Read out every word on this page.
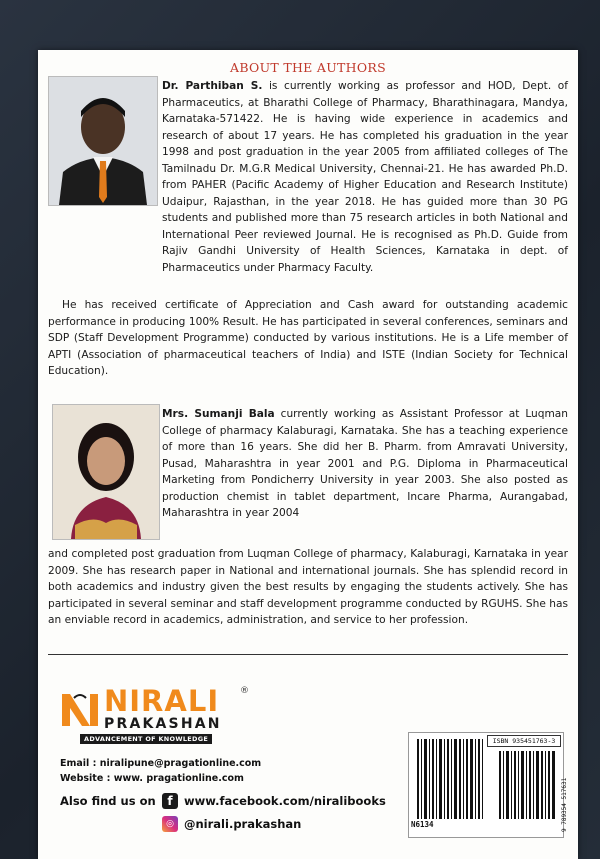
ABOUT THE AUTHORS

Dr. Parthiban S. is currently working as professor and HOD, Dept. of Pharmaceutics, at Bharathi College of Pharmacy, Bharathinagara, Mandya, Karnataka-571422. He is having wide experience in academics and research of about 17 years. He has completed his graduation in the year 1998 and post graduation in the year 2005 from affiliated colleges of The Tamilnadu Dr. M.G.R Medical University, Chennai-21. He has awarded Ph.D. from PAHER (Pacific Academy of Higher Education and Research Institute) Udaipur, Rajasthan, in the year 2018. He has guided more than 30 PG students and published more than 75 research articles in both National and International Peer reviewed Journal. He is recognised as Ph.D. Guide from Rajiv Gandhi University of Health Sciences, Karnataka in dept. of Pharmaceutics under Pharmacy Faculty.

He has received certificate of Appreciation and Cash award for outstanding academic performance in producing 100% Result. He has participated in several conferences, seminars and SDP (Staff Development Programme) conducted by various institutions. He is a Life member of APTI (Association of pharmaceutical teachers of India) and ISTE (Indian Society for Technical Education).

Mrs. Sumanji Bala currently working as Assistant Professor at Luqman College of pharmacy Kalaburagi, Karnataka. She has a teaching experience of more than 16 years. She did her B. Pharm. from Amravati University, Pusad, Maharashtra in year 2001 and P.G. Diploma in Pharmaceutical Marketing from Pondicherry University in year 2003. She also posted as production chemist in tablet department, Incare Pharma, Aurangabad, Maharashtra in year 2004

and completed post graduation from Luqman College of pharmacy, Kalaburagi, Karnataka in year 2009. She has research paper in National and international journals. She has splendid record in both academics and industry given the best results by engaging the students actively. She has participated in several seminar and staff development programme conducted by RGUHS. She has an enviable record in academics, administration, and service to her profession.

NIRALI ®
PRAKASHAN
ADVANCEMENT OF KNOWLEDGE
Email : niralipune@pragationline.com
Website : www. pragationline.com
Also find us on f www.facebook.com/niralibooks
◎ @nirali.prakashan
ISBN 935451763-3
N6134	9 789354 517631
